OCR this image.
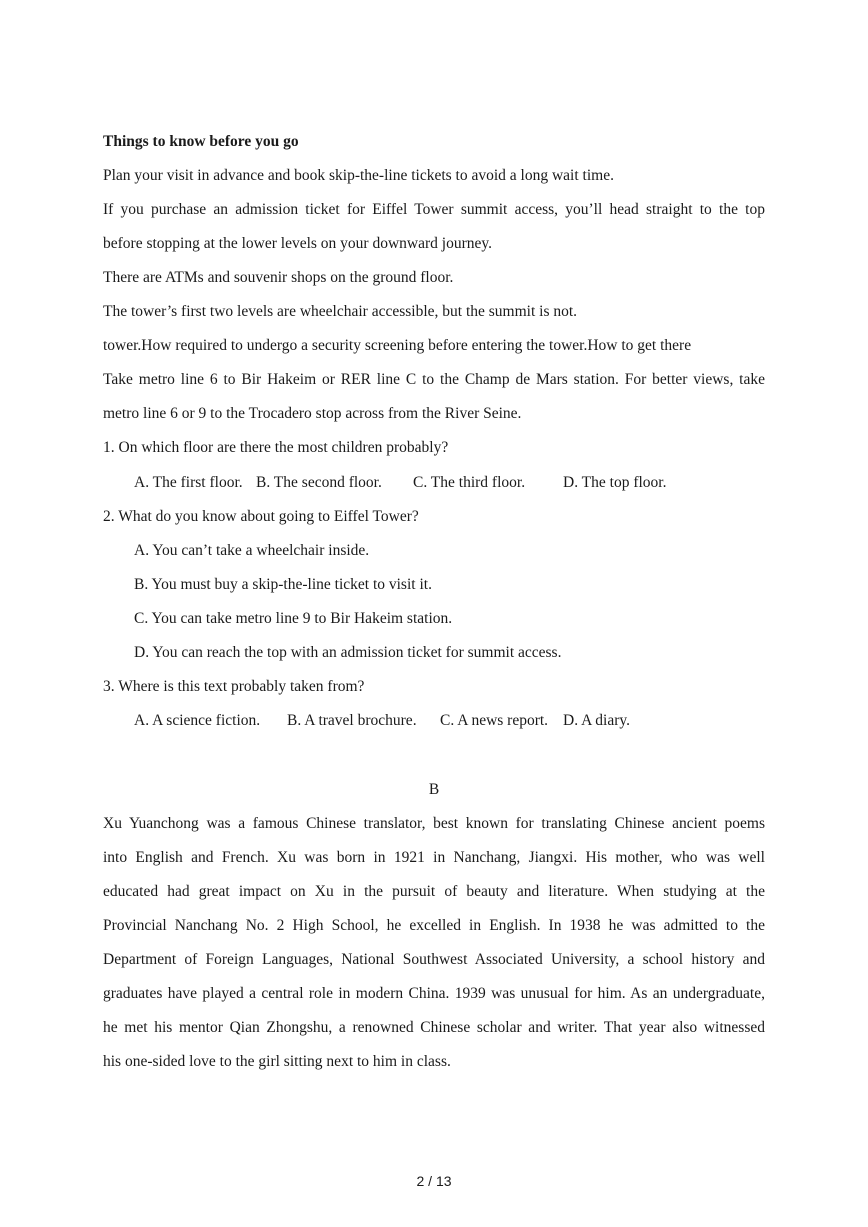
Things to know before you go
Plan your visit in advance and book skip-the-line tickets to avoid a long wait time.
If you purchase an admission ticket for Eiffel Tower summit access, you’ll head straight to the top
before stopping at the lower levels on your downward journey.
There are ATMs and souvenir shops on the ground floor.
The tower’s first two levels are wheelchair accessible, but the summit is not.
tower.How required to undergo a security screening before entering the tower.How to get there
Take metro line 6 to Bir Hakeim or RER line C to the Champ de Mars station. For better views, take
metro line 6 or 9 to the Trocadero stop across from the River Seine.
1. On which floor are there the most children probably?
A. The first floor. B. The second floor. C. The third floor. D. The top floor.
2. What do you know about going to Eiffel Tower?
A. You can’t take a wheelchair inside.
B. You must buy a skip-the-line ticket to visit it.
C. You can take metro line 9 to Bir Hakeim station.
D. You can reach the top with an admission ticket for summit access.
3. Where is this text probably taken from?
A. A science fiction. B. A travel brochure. C. A news report. D. A diary.
B
Xu Yuanchong was a famous Chinese translator, best known for translating Chinese ancient poems
into English and French. Xu was born in 1921 in Nanchang, Jiangxi. His mother, who was well
educated had great impact on Xu in the pursuit of beauty and literature. When studying at the
Provincial Nanchang No. 2 High School, he excelled in English. In 1938 he was admitted to the
Department of Foreign Languages, National Southwest Associated University, a school history and
graduates have played a central role in modern China. 1939 was unusual for him. As an undergraduate,
he met his mentor Qian Zhongshu, a renowned Chinese scholar and writer. That year also witnessed
his one-sided love to the girl sitting next to him in class.
2 / 13
